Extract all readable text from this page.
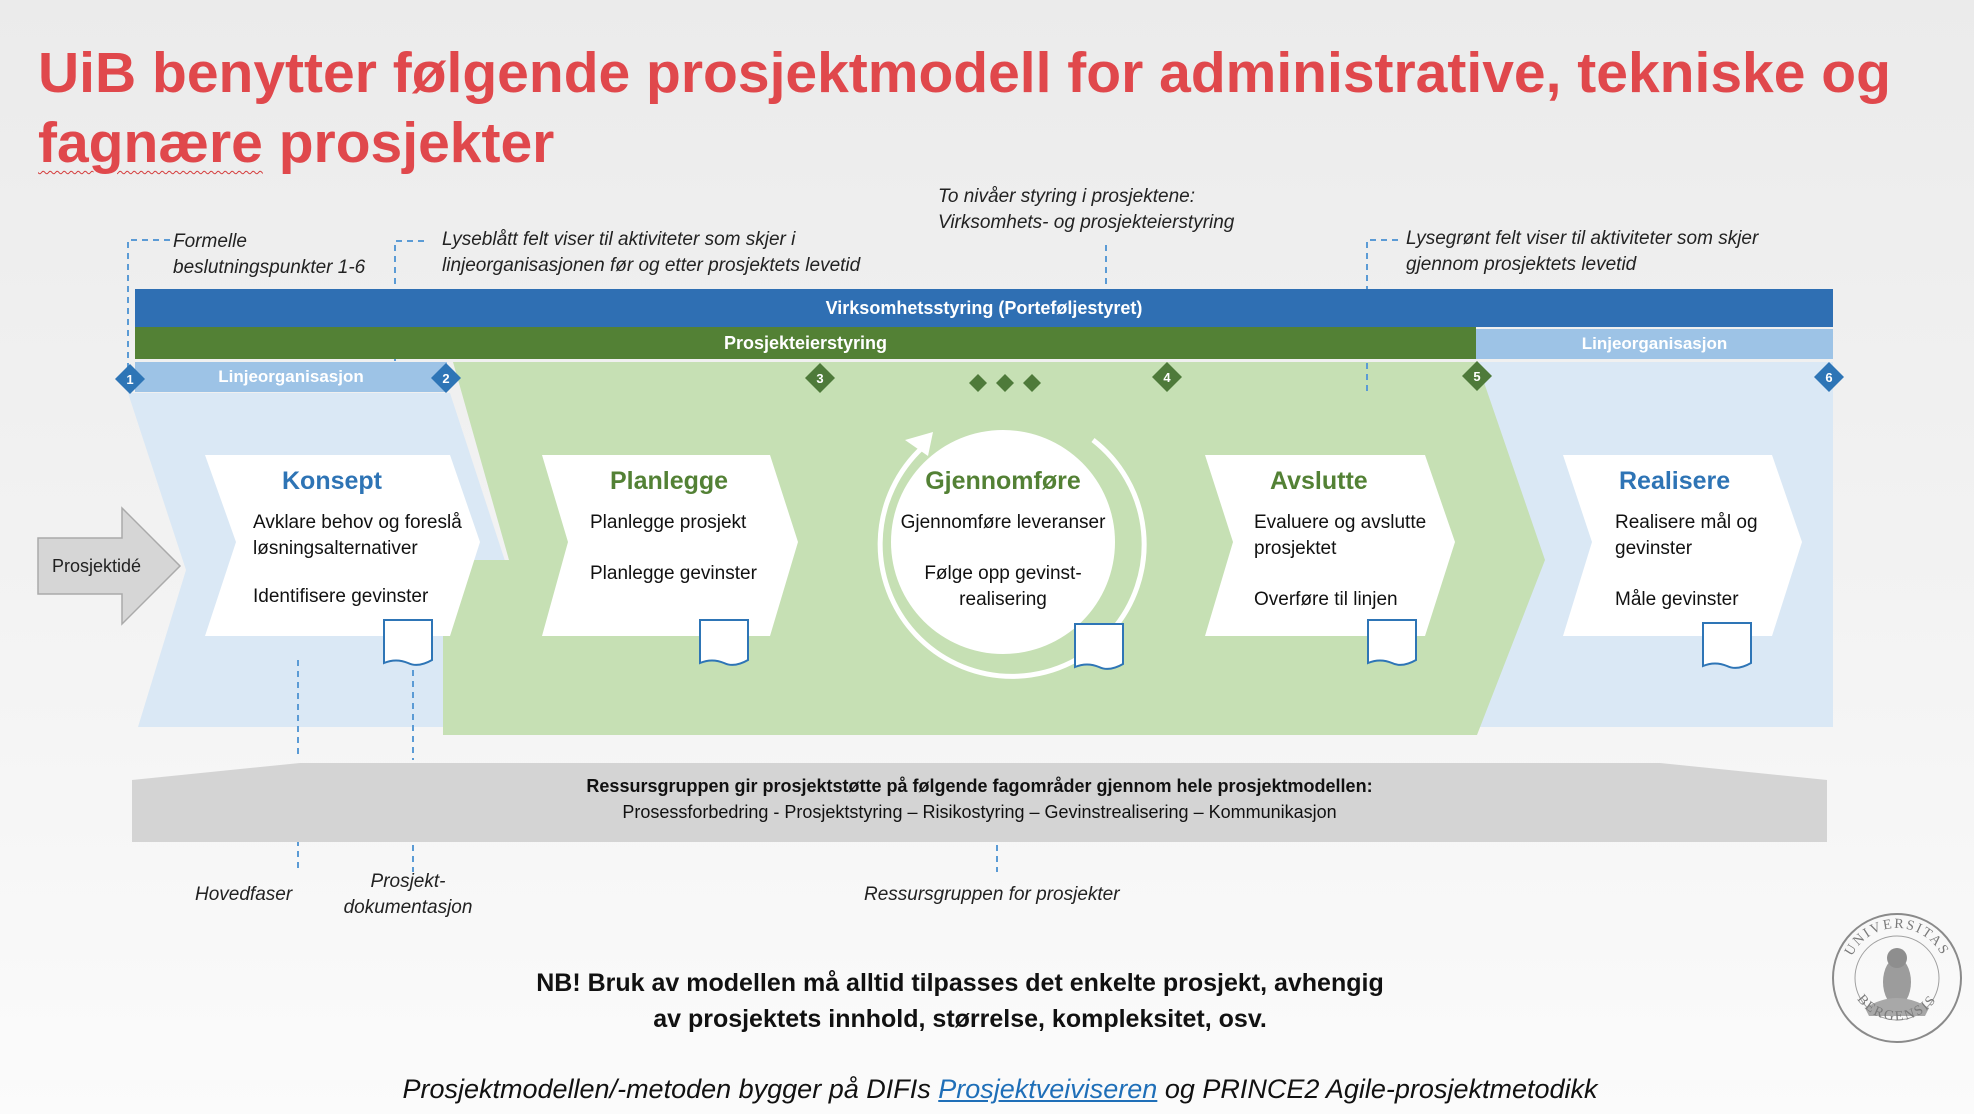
UiB benytter følgende prosjektmodell for administrative, tekniske og fagnære prosjekter
1	2	3	4	5	6
UNIVERSITAS
BERGENSIS
Formelle beslutningspunkter 1-6
Lyseblått felt viser til aktiviteter som skjer i linjeorganisasjonen før og etter prosjektets levetid
To nivåer styring i prosjektene:
Virksomhets- og prosjekteierstyring
Lysegrønt felt viser til aktiviteter som skjer gjennom prosjektets levetid
Virksomhetsstyring (Porteføljestyret)
Prosjekteierstyring	Linjeorganisasjon
Linjeorganisasjon
Prosjektidé
Konsept
Avklare behov og foreslå
løsningsalternativer
Identifisere gevinster
Planlegge
Planlegge prosjekt
Planlegge gevinster
Gjennomføre
Gjennomføre leveranser
Følge opp gevinst-
realisering
Avslutte
Evaluere og avslutte
prosjektet
Overføre til linjen
Realisere
Realisere mål og
gevinster
Måle gevinster
Ressursgruppen gir prosjektstøtte på følgende fagområder gjennom hele prosjektmodellen:
Prosessforbedring - Prosjektstyring – Risikostyring – Gevinstrealisering – Kommunikasjon
Hovedfaser
Prosjekt-dokumentasjon
Ressursgruppen for prosjekter
NB! Bruk av modellen må alltid tilpasses det enkelte prosjekt, avhengig
av prosjektets innhold, størrelse, kompleksitet, osv.
Prosjektmodellen/-metoden bygger på DIFIs Prosjektveiviseren og PRINCE2 Agile-prosjektmetodikk
